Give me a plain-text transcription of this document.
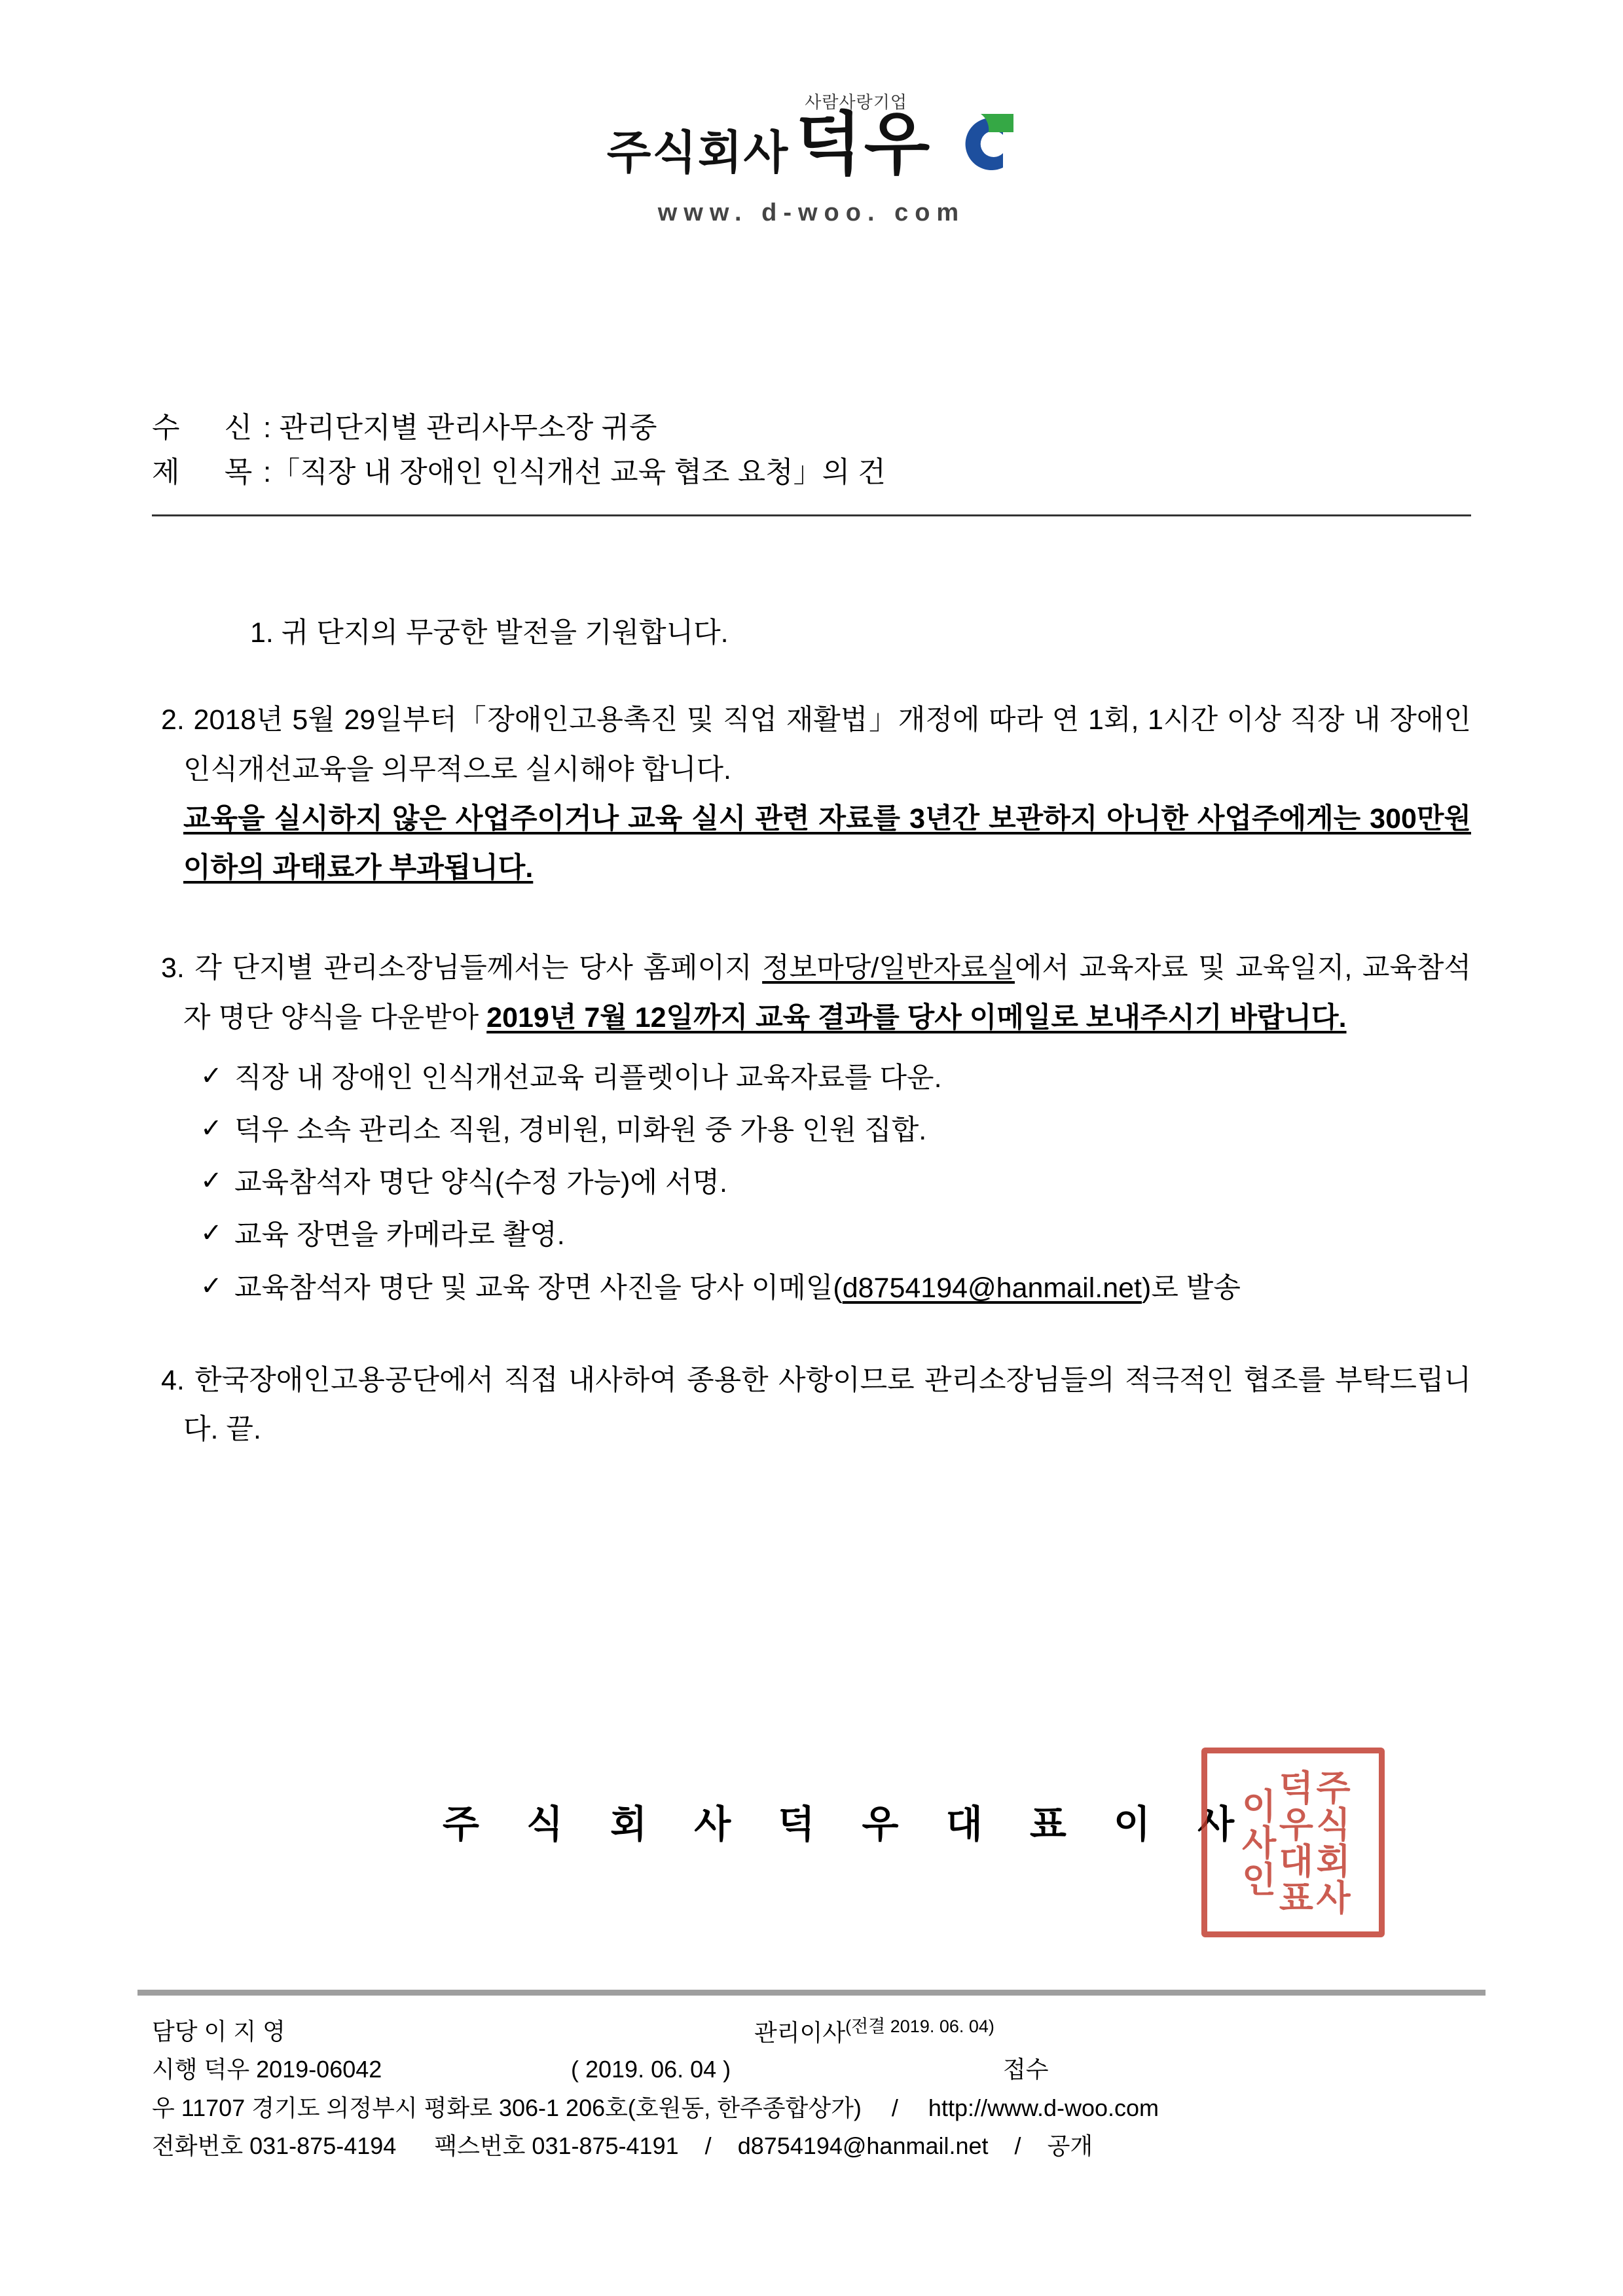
주식회사
사람사랑기업
덕우
www. d-woo. com
수 신: 관리단지별 관리사무소장 귀중
제 목:「직장 내 장애인 인식개선 교육 협조 요청」의 건

1. 귀 단지의 무궁한 발전을 기원합니다.

2. 2018년 5월 29일부터「장애인고용촉진 및 직업 재활법」개정에 따라 연 1회, 1시간 이상 직장 내 장애인 인식개선교육을 의무적으로 실시해야 합니다.
교육을 실시하지 않은 사업주이거나 교육 실시 관련 자료를 3년간 보관하지 아니한 사업주에게는 300만원 이하의 과태료가 부과됩니다.

3. 각 단지별 관리소장님들께서는 당사 홈페이지 정보마당/일반자료실에서 교육자료 및 교육일지, 교육참석자 명단 양식을 다운받아 2019년 7월 12일까지 교육 결과를 당사 이메일로 보내주시기 바랍니다.

✓ 직장 내 장애인 인식개선교육 리플렛이나 교육자료를 다운.
✓ 덕우 소속 관리소 직원, 경비원, 미화원 중 가용 인원 집합.
✓ 교육참석자 명단 양식(수정 가능)에 서명.
✓ 교육 장면을 카메라로 촬영.
✓ 교육참석자 명단 및 교육 장면 사진을 당사 이메일(d8754194@hanmail.net)로 발송

4. 한국장애인고용공단에서 직접 내사하여 종용한 사항이므로 관리소장님들의 적극적인 협조를 부탁드립니다. 끝.

주 식 회 사 덕 우 대 표 이 사	주식회사덕우대표이사인
담당 이 지 영	관리이사$^{(전결 2019. 06. 04)}$
시행 덕우 2019-06042	( 2019. 06. 04 )	접수
우 11707 경기도 의정부시 평화로 306-1 206호(호원동, 한주종합상가) / http://www.d-woo.com
전화번호 031-875-4194 팩스번호 031-875-4191 / d8754194@hanmail.net / 공개
